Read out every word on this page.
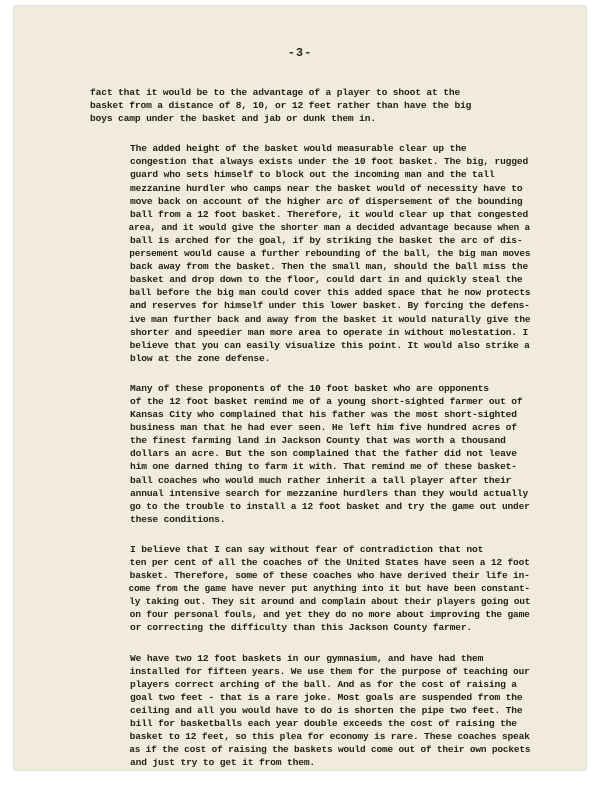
-3-
fact that it would be to the advantage of a player to shoot at the
basket from a distance of 8, 10, or 12 feet rather than have the big
boys camp under the basket and jab or dunk them in.
The added height of the basket would measurable clear up the
congestion that always exists under the 10 foot basket. The big, rugged
guard who sets himself to block out the incoming man and the tall
mezzanine hurdler who camps near the basket would of necessity have to
move back on account of the higher arc of dispersement of the bounding
ball from a 12 foot basket. Therefore, it would clear up that congested
area, and it would give the shorter man a decided advantage because when a
ball is arched for the goal, if by striking the basket the arc of dis-
persement would cause a further rebounding of the ball, the big man moves
back away from the basket. Then the small man, should the ball miss the
basket and drop down to the floor, could dart in and quickly steal the
ball before the big man could cover this added space that he now protects
and reserves for himself under this lower basket. By forcing the defens-
ive man further back and away from the basket it would naturally give the
shorter and speedier man more area to operate in without molestation. I
believe that you can easily visualize this point. It would also strike a
blow at the zone defense.
Many of these proponents of the 10 foot basket who are opponents
of the 12 foot basket remind me of a young short-sighted farmer out of
Kansas City who complained that his father was the most short-sighted
business man that he had ever seen. He left him five hundred acres of
the finest farming land in Jackson County that was worth a thousand
dollars an acre. But the son complained that the father did not leave
him one darned thing to farm it with. That remind me of these basket-
ball coaches who would much rather inherit a tall player after their
annual intensive search for mezzanine hurdlers than they would actually
go to the trouble to install a 12 foot basket and try the game out under
these conditions.
I believe that I can say without fear of contradiction that not
ten per cent of all the coaches of the United States have seen a 12 foot
basket. Therefore, some of these coaches who have derived their life in-
come from the game have never put anything into it but have been constant-
ly taking out. They sit around and complain about their players going out
on four personal fouls, and yet they do no more about improving the game
or correcting the difficulty than this Jackson County farmer.
We have two 12 foot baskets in our gymnasium, and have had them
installed for fifteen years. We use them for the purpose of teaching our
players correct arching of the ball. And as for the cost of raising a
goal two feet - that is a rare joke. Most goals are suspended from the
ceiling and all you would have to do is shorten the pipe two feet. The
bill for basketballs each year double exceeds the cost of raising the
basket to 12 feet, so this plea for economy is rare. These coaches speak
as if the cost of raising the baskets would come out of their own pockets
and just try to get it from them.
